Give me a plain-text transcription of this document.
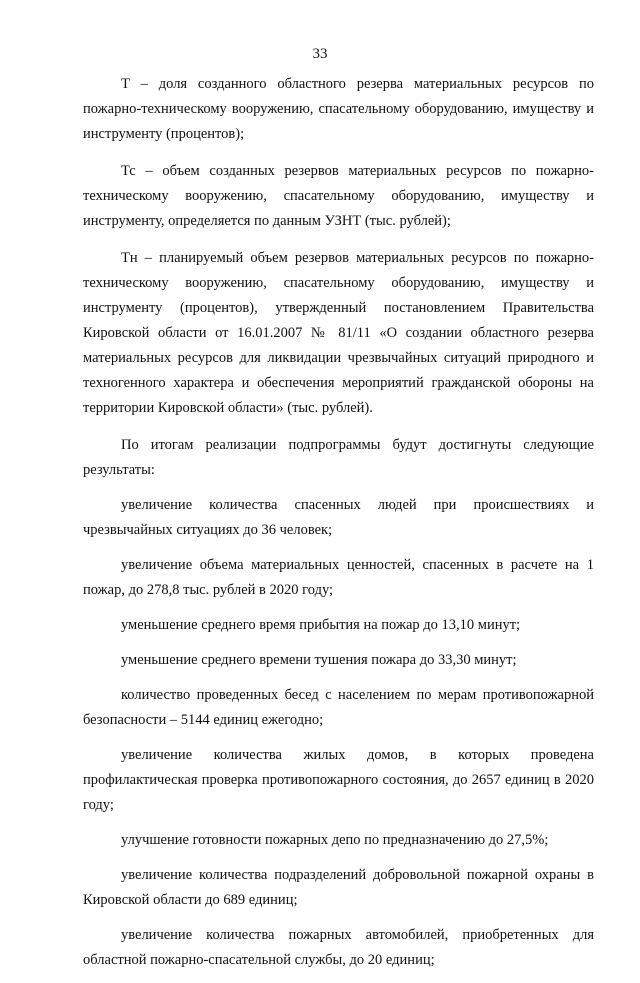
33

Т – доля созданного областного резерва материальных ресурсов по пожарно-техническому вооружению, спасательному оборудованию, имуществу и инструменту (процентов);

Тс – объем созданных резервов материальных ресурсов по пожарно-техническому вооружению, спасательному оборудованию, имуществу и инструменту, определяется по данным УЗНТ (тыс. рублей);

Тн – планируемый объем резервов материальных ресурсов по пожарно-техническому вооружению, спасательному оборудованию, имуществу и инструменту (процентов), утвержденный постановлением Правительства Кировской области от 16.01.2007 № 81/11 «О создании областного резерва материальных ресурсов для ликвидации чрезвычайных ситуаций природного и техногенного характера и обеспечения мероприятий гражданской обороны на территории Кировской области» (тыс. рублей).

По итогам реализации подпрограммы будут достигнуты следующие результаты:

увеличение количества спасенных людей при происшествиях и чрезвычайных ситуациях до 36 человек;

увеличение объема материальных ценностей, спасенных в расчете на 1 пожар, до 278,8 тыс. рублей в 2020 году;

уменьшение среднего время прибытия на пожар до 13,10 минут;

уменьшение среднего времени тушения пожара до 33,30 минут;

количество проведенных бесед с населением по мерам противопожарной безопасности – 5144 единиц ежегодно;

увеличение количества жилых домов, в которых проведена профилактическая проверка противопожарного состояния, до 2657 единиц в 2020 году;

улучшение готовности пожарных депо по предназначению до 27,5%;

увеличение количества подразделений добровольной пожарной охраны в Кировской области до 689 единиц;

увеличение количества пожарных автомобилей, приобретенных для областной пожарно-спасательной службы, до 20 единиц;
